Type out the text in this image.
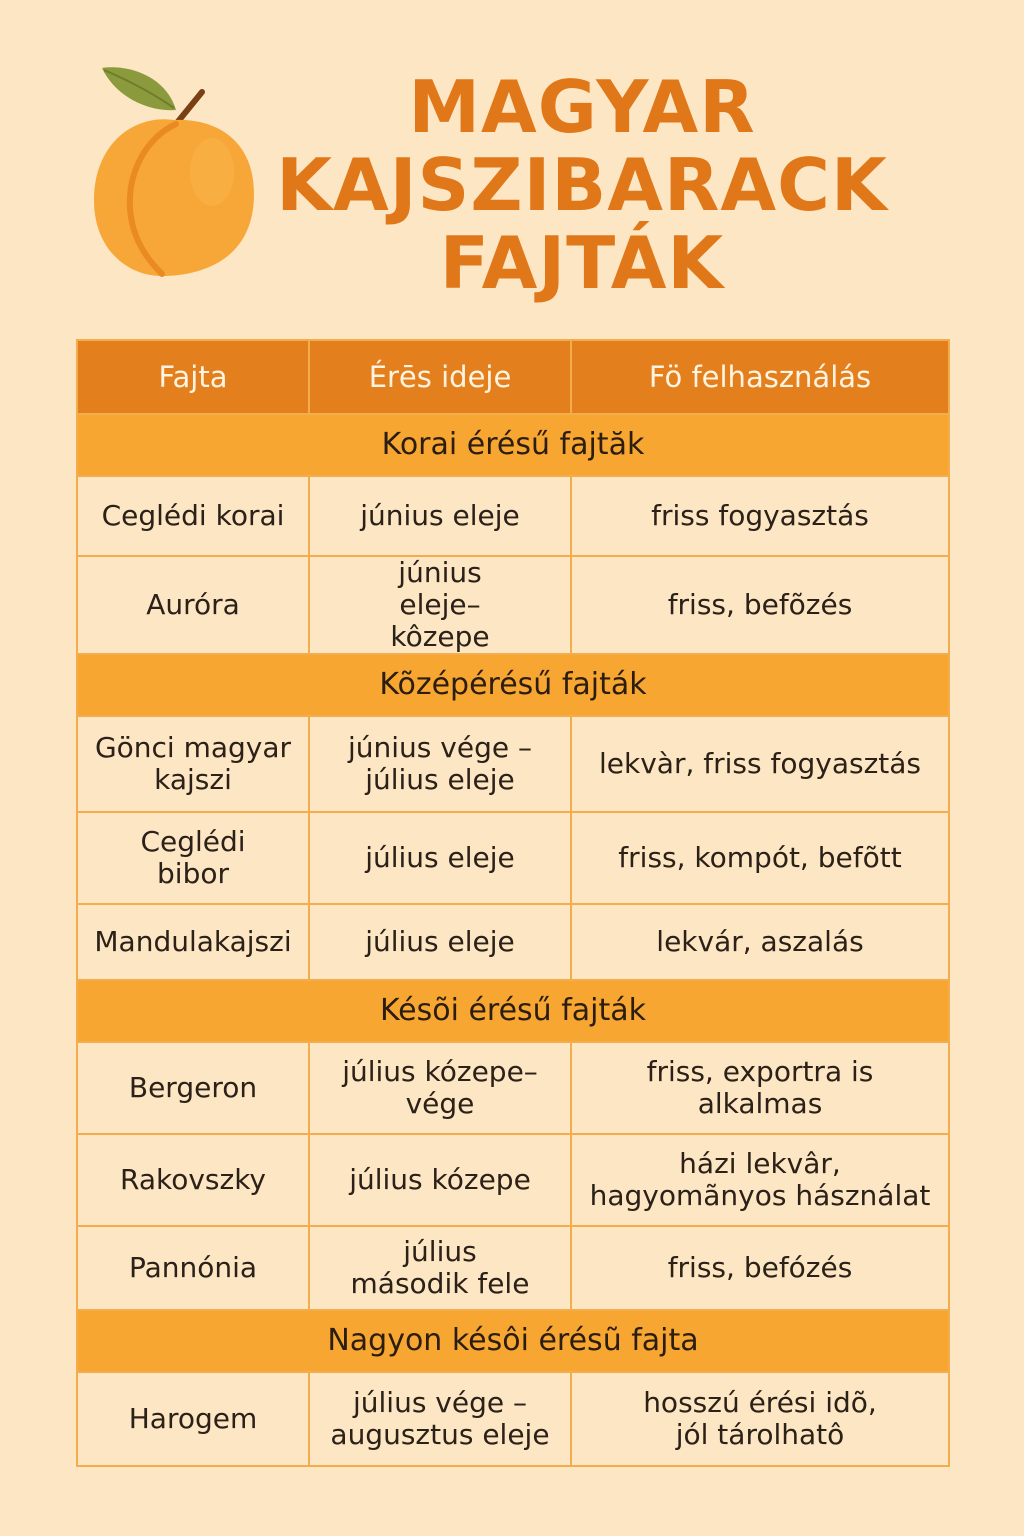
MAGYAR
KAJSZIBARACK
FAJTÁK
Fajta	Érēs ideje	Fö felhasználás
Korai érésű fajtăk		
Ceglédi korai	június eleje	friss fogyasztás
Auróra	június eleje–kôzepe	friss, befõzés
Kõzépérésű fajták		
Gönci magyar kajszi	június vége – július eleje	lekvàr, friss fogyasztás
Ceglédi bibor	július eleje	friss, kompót, befõtt
Mandulakajszi	július eleje	lekvár, aszalás
Késõi érésű fajták		
Bergeron	július kózepe–vége	friss, exportra is alkalmas
Rakovszky	július kózepe	házi lekvâr, hagyomãnyos hásználat
Pannónia	július második fele	friss, befózés
Nagyon késôi érésũ fajta		
Harogem	július vége – augusztus eleje	hosszú érési idõ, jól tárolhatô
